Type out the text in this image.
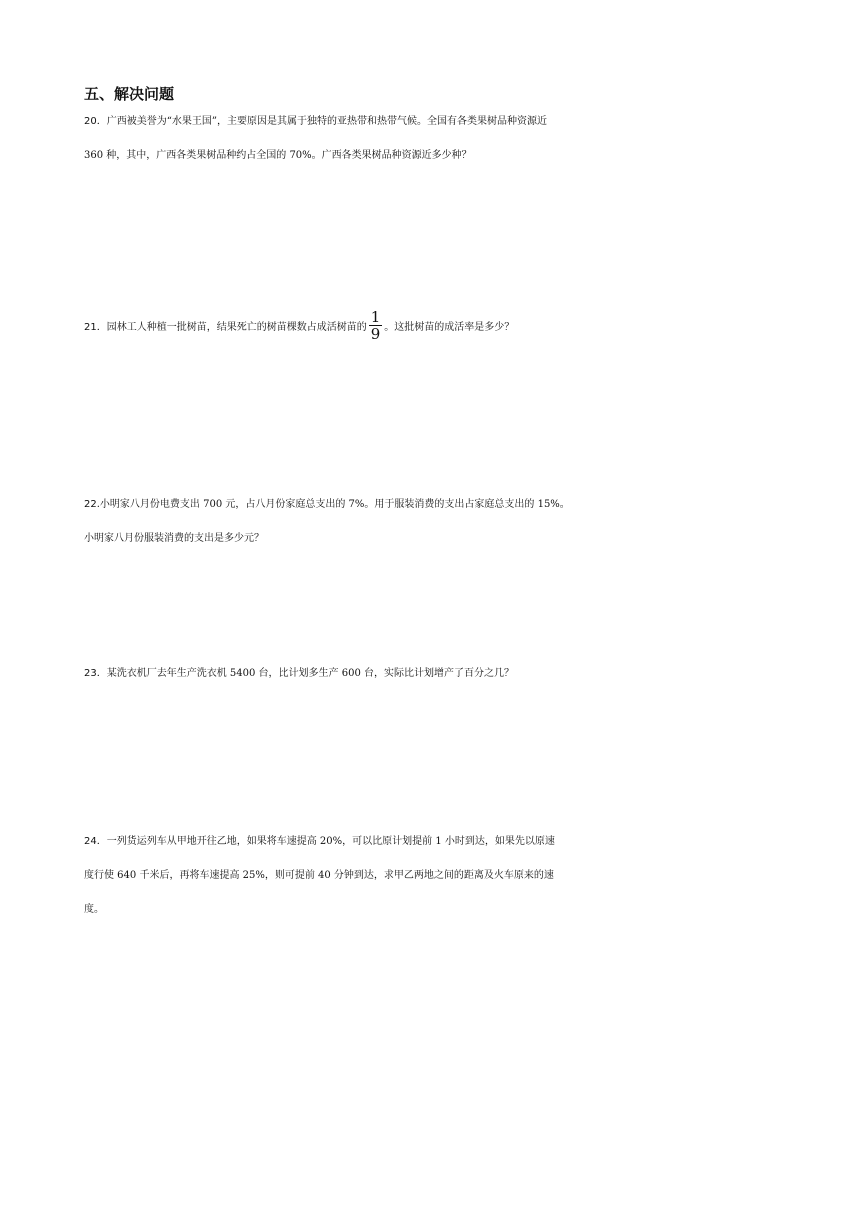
五、解决问题
20．广西被美誉为“水果王国”，主要原因是其属于独特的亚热带和热带气候。全国有各类果树品种资源近
360 种，其中，广西各类果树品种约占全国的 70%。广西各类果树品种资源近多少种？
21．园林工人种植一批树苗，结果死亡的树苗棵数占成活树苗的 $\frac{1}{9}$ 。这批树苗的成活率是多少？
22.小明家八月份电费支出 700 元，占八月份家庭总支出的 7%。用于服装消费的支出占家庭总支出的 15%。
小明家八月份服装消费的支出是多少元？
23．某洗衣机厂去年生产洗衣机 5400 台，比计划多生产 600 台，实际比计划增产了百分之几？
24．一列货运列车从甲地开往乙地，如果将车速提高 20%，可以比原计划提前 1 小时到达，如果先以原速
度行使 640 千米后，再将车速提高 25%，则可提前 40 分钟到达，求甲乙两地之间的距离及火车原来的速
度。
